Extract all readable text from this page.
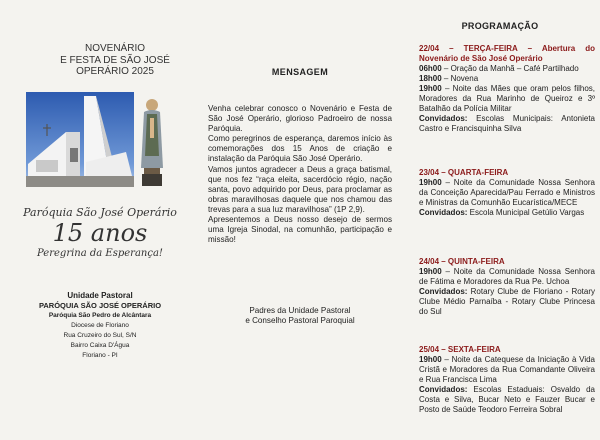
NOVENÁRIO
E FESTA DE SÃO JOSÉ
OPERÁRIO 2025
Paróquia São José Operário
15 anos
Peregrina da Esperança!
Unidade Pastoral
PARÓQUIA SÃO JOSÉ OPERÁRIO
Paróquia São Pedro de Alcântara
Diocese de Floriano
Rua Cruzeiro do Sul, S/N
Bairro Caixa D'Água
Floriano - PI
MENSAGEM

Venha celebrar conosco o Novenário e Festa de São José Operário, glorioso Padroeiro de nossa Paróquia.

Como peregrinos de esperança, daremos início às comemorações dos 15 Anos de criação e instalação da Paróquia São José Operário.

Vamos juntos agradecer a Deus a graça batismal, que nos fez “raça eleita, sacerdócio régio, nação santa, povo adquirido por Deus, para proclamar as obras maravilhosas daquele que nos chamou das trevas para a sua luz maravilhosa” (1P 2,9).

Apresentemos a Deus nosso desejo de sermos uma Igreja Sinodal, na comunhão, participação e missão!

Padres da Unidade Pastoral
e Conselho Pastoral Paroquial
PROGRAMAÇÃO

22/04 – TERÇA-FEIRA – Abertura do Novenário de São José Operário

06h00 – Oração da Manhã – Café Partilhado

18h00 – Novena

19h00 – Noite das Mães que oram pelos filhos, Moradores da Rua Marinho de Queiroz e 3º Batalhão da Polícia Militar

Convidados: Escolas Municipais: Antonieta Castro e Francisquinha Silva

23/04 – QUARTA-FEIRA

19h00 – Noite da Comunidade Nossa Senhora da Conceição Aparecida/Pau Ferrado e Ministros e Ministras da Comunhão Eucarística/MECE

Convidados: Escola Municipal Getúlio Vargas

24/04 – QUINTA-FEIRA

19h00 – Noite da Comunidade Nossa Senhora de Fátima e Moradores da Rua Pe. Uchoa

Convidados: Rotary Clube de Floriano - Rotary Clube Médio Parnaíba - Rotary Clube Princesa do Sul

25/04 – SEXTA-FEIRA

19h00 – Noite da Catequese da Iniciação à Vida Cristã e Moradores da Rua Comandante Oliveira e Rua Francisca Lima

Convidados: Escolas Estaduais: Osvaldo da Costa e Silva, Bucar Neto e Fauzer Bucar e Posto de Saúde Teodoro Ferreira Sobral
